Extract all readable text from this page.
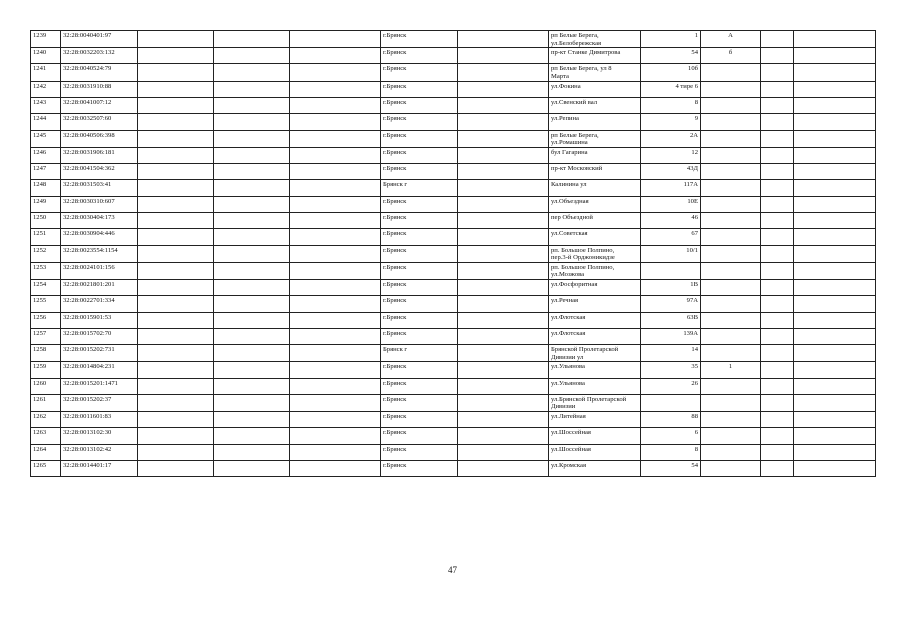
1239	32:28:0040401:97				г.Брянск		рп Белые Берега,
ул.Белобережская	1	А		
1240	32:28:0032203:132				г.Брянск		пр-кт Станке Димитрова	54	б		
1241	32:28:0040524:79				г.Брянск		рп Белые Берега, ул 8
Марта	10б			
1242	32:28:0031910:88				г.Брянск		ул.Фокина	4 тире 6			
1243	32:28:0041007:12				г.Брянск		ул.Свенский вал	8			
1244	32:28:0032507:60				г.Брянск		ул.Репина	9			
1245	32:28:0040506:398				г.Брянск		рп Белые Берега,
ул.Ромашина	2А			
1246	32:28:0031906:181				г.Брянск		бул Гагарина	12			
1247	32:28:0041504:362				г.Брянск		пр-кт Московский	43Д			
1248	32:28:0031503:41				Брянск г		Калинина ул	117А			
1249	32:28:0030310:607				г.Брянск		ул.Объездная	10Е			
1250	32:28:0030404:173				г.Брянск		пер Объездной	46			
1251	32:28:0030904:446				г.Брянск		ул.Советская	67			
1252	32:28:0023554:1154				г.Брянск		рп. Большое Полпино,
пер.3-й Орджоникидзе	10/1			
1253	32:28:0024101:156				г.Брянск		рп. Большое Полпино,
ул.Мозжова				
1254	32:28:0021801:201				г.Брянск		ул.Фосфоритная	1В			
1255	32:28:0022701:334				г.Брянск		ул.Речная	97А			
1256	32:28:0015901:53				г.Брянск		ул.Флотская	63В			
1257	32:28:0015702:70				г.Брянск		ул.Флотская	139А			
1258	32:28:0015202:731				Брянск г		Брянской Пролетарской
Дивизии ул	14			
1259	32:28:0014804:231				г.Брянск		ул.Ульянова	35	1		
1260	32:28:0015201:1471				г.Брянск		ул.Ульянова	26			
1261	32:28:0015202:37				г.Брянск		ул.Брянской Пролетарской
Дивизии				
1262	32:28:0011601:83				г.Брянск		ул.Литейная	88			
1263	32:28:0013102:30				г.Брянск		ул.Шоссейная	6			
1264	32:28:0013102:42				г.Брянск		ул.Шоссейная	8			
1265	32:28:0014401:17				г.Брянск		ул.Кромская	54			
47
